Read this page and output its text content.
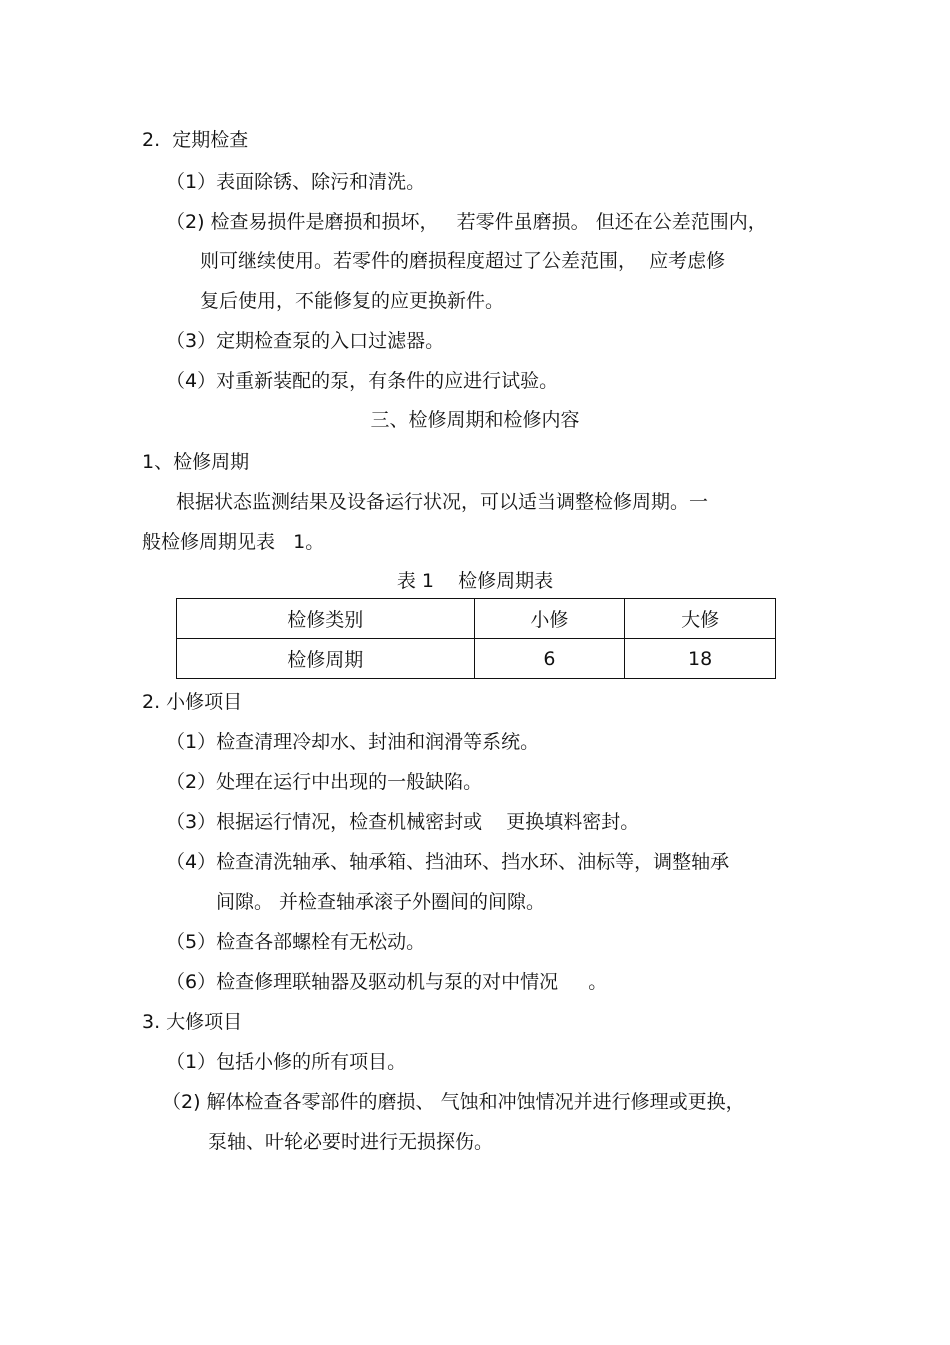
2.  定期检查
（1）表面除锈、除污和清洗。
（2) 检查易损件是磨损和损坏，   若零件虽磨损。 但还在公差范围内，
则可继续使用。若零件的磨损程度超过了公差范围，  应考虑修
复后使用，不能修复的应更换新件。
（3）定期检查泵的入口过滤器。
（4）对重新装配的泵，有条件的应进行试验。
三、检修周期和检修内容
1、检修周期
根据状态监测结果及设备运行状况，可以适当调整检修周期。一
般检修周期见表   1。
表 1    检修周期表
检修类别	小修	大修
检修周期	6	18
2. 小修项目
（1）检查清理冷却水、封油和润滑等系统。
（2）处理在运行中出现的一般缺陷。
（3）根据运行情况，检查机械密封或    更换填料密封。
（4）检查清洗轴承、轴承箱、挡油环、挡水环、油标等，调整轴承
间隙。 并检查轴承滚子外圈间的间隙。
（5）检查各部螺栓有无松动。
（6）检查修理联轴器及驱动机与泵的对中情况     。
3. 大修项目
（1）包括小修的所有项目。
（2) 解体检查各零部件的磨损、 气蚀和冲蚀情况并进行修理或更换，
泵轴、叶轮必要时进行无损探伤。
